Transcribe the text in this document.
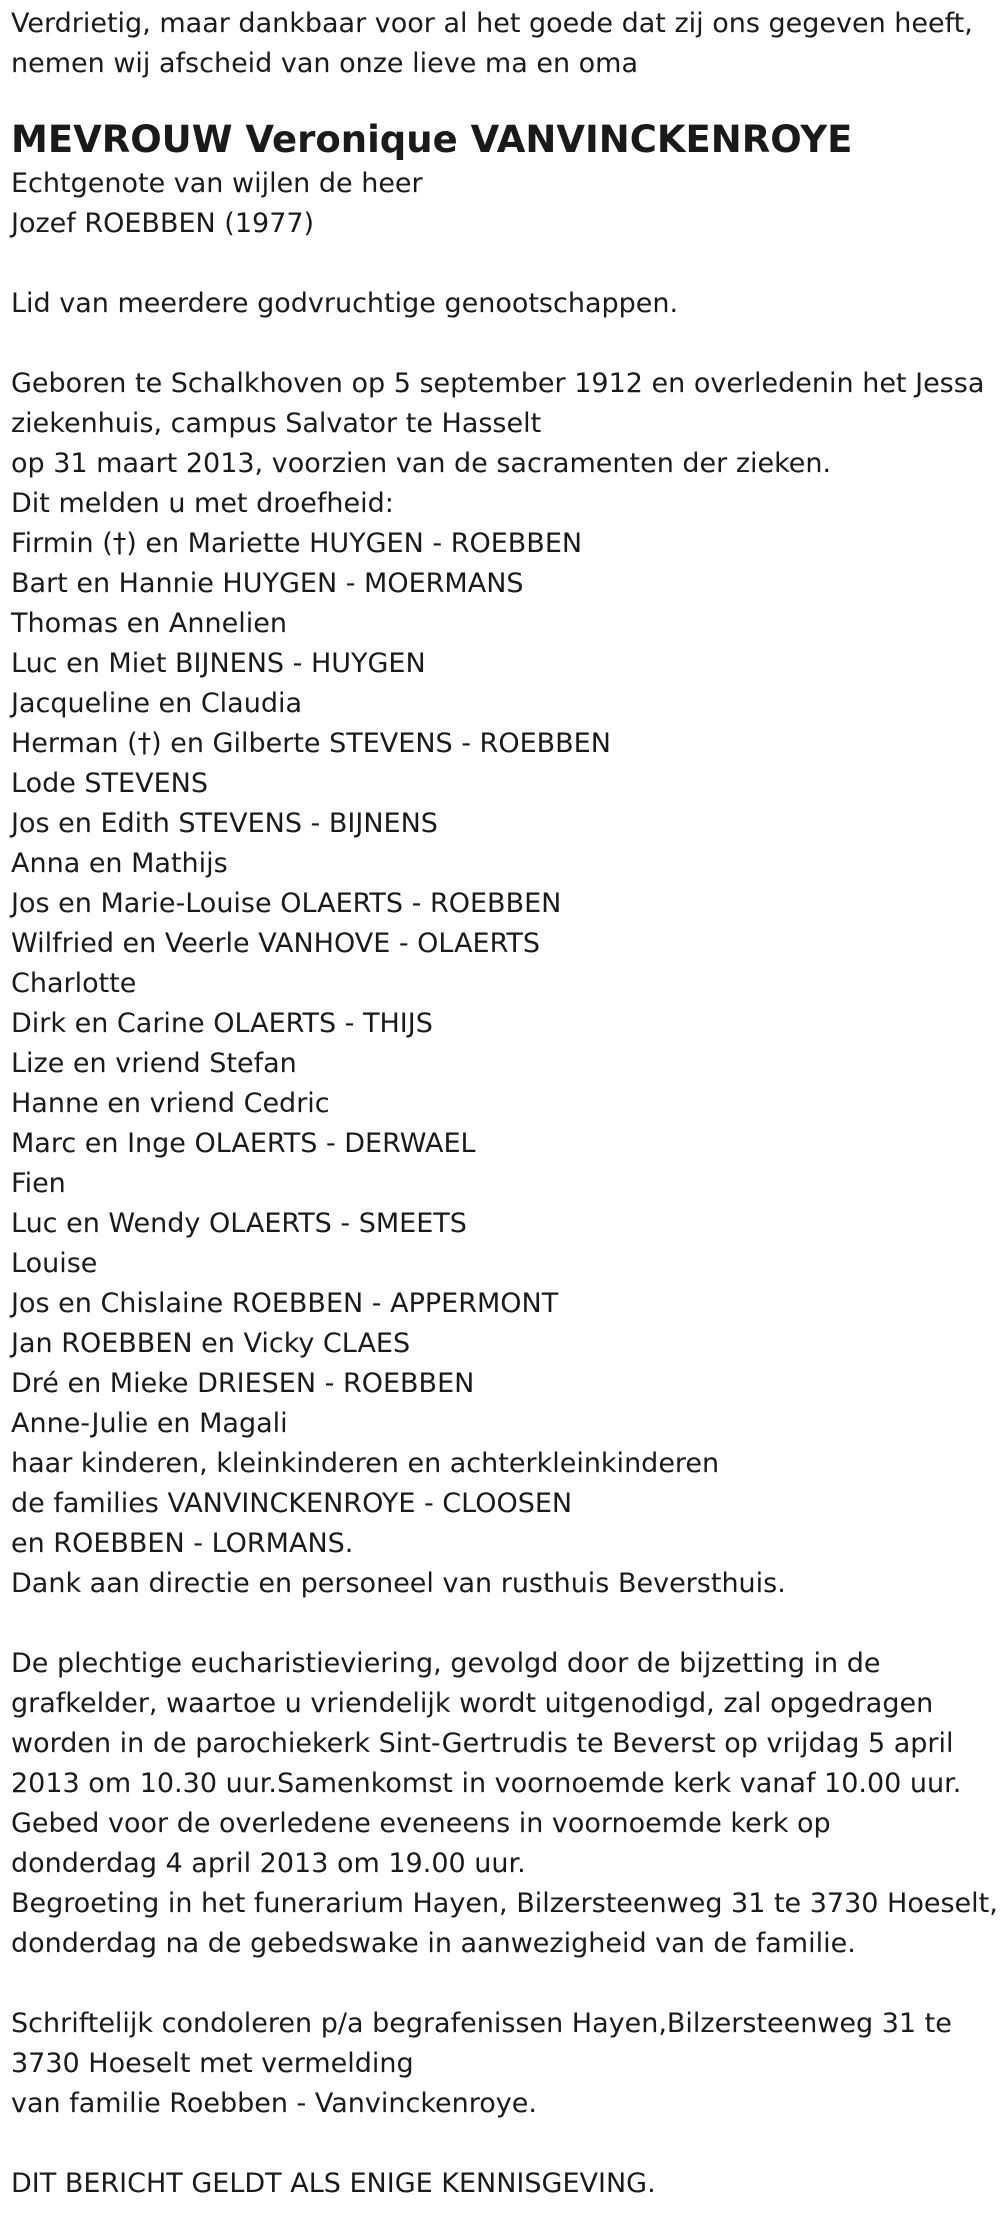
Verdrietig, maar dankbaar voor al het goede dat zij ons gegeven heeft,
nemen wij afscheid van onze lieve ma en oma
MEVROUW Veronique VANVINCKENROYE
Echtgenote van wijlen de heer
Jozef ROEBBEN (1977)
Lid van meerdere godvruchtige genootschappen.
Geboren te Schalkhoven op 5 september 1912 en overledenin het Jessa
ziekenhuis, campus Salvator te Hasselt
op 31 maart 2013, voorzien van de sacramenten der zieken.
Dit melden u met droefheid:
Firmin (†) en Mariette HUYGEN - ROEBBEN
Bart en Hannie HUYGEN - MOERMANS
Thomas en Annelien
Luc en Miet BIJNENS - HUYGEN
Jacqueline en Claudia
Herman (†) en Gilberte STEVENS - ROEBBEN
Lode STEVENS
Jos en Edith STEVENS - BIJNENS
Anna en Mathijs
Jos en Marie-Louise OLAERTS - ROEBBEN
Wilfried en Veerle VANHOVE - OLAERTS
Charlotte
Dirk en Carine OLAERTS - THIJS
Lize en vriend Stefan
Hanne en vriend Cedric
Marc en Inge OLAERTS - DERWAEL
Fien
Luc en Wendy OLAERTS - SMEETS
Louise
Jos en Chislaine ROEBBEN - APPERMONT
Jan ROEBBEN en Vicky CLAES
Dré en Mieke DRIESEN - ROEBBEN
Anne-Julie en Magali
haar kinderen, kleinkinderen en achterkleinkinderen
de families VANVINCKENROYE - CLOOSEN
en ROEBBEN - LORMANS.
Dank aan directie en personeel van rusthuis Beversthuis.
De plechtige eucharistieviering, gevolgd door de bijzetting in de
grafkelder, waartoe u vriendelijk wordt uitgenodigd, zal opgedragen
worden in de parochiekerk Sint-Gertrudis te Beverst op vrijdag 5 april
2013 om 10.30 uur.Samenkomst in voornoemde kerk vanaf 10.00 uur.
Gebed voor de overledene eveneens in voornoemde kerk op
donderdag 4 april 2013 om 19.00 uur.
Begroeting in het funerarium Hayen, Bilzersteenweg 31 te 3730 Hoeselt,
donderdag na de gebedswake in aanwezigheid van de familie.
Schriftelijk condoleren p/a begrafenissen Hayen,Bilzersteenweg 31 te
3730 Hoeselt met vermelding
van familie Roebben - Vanvinckenroye.
DIT BERICHT GELDT ALS ENIGE KENNISGEVING.
